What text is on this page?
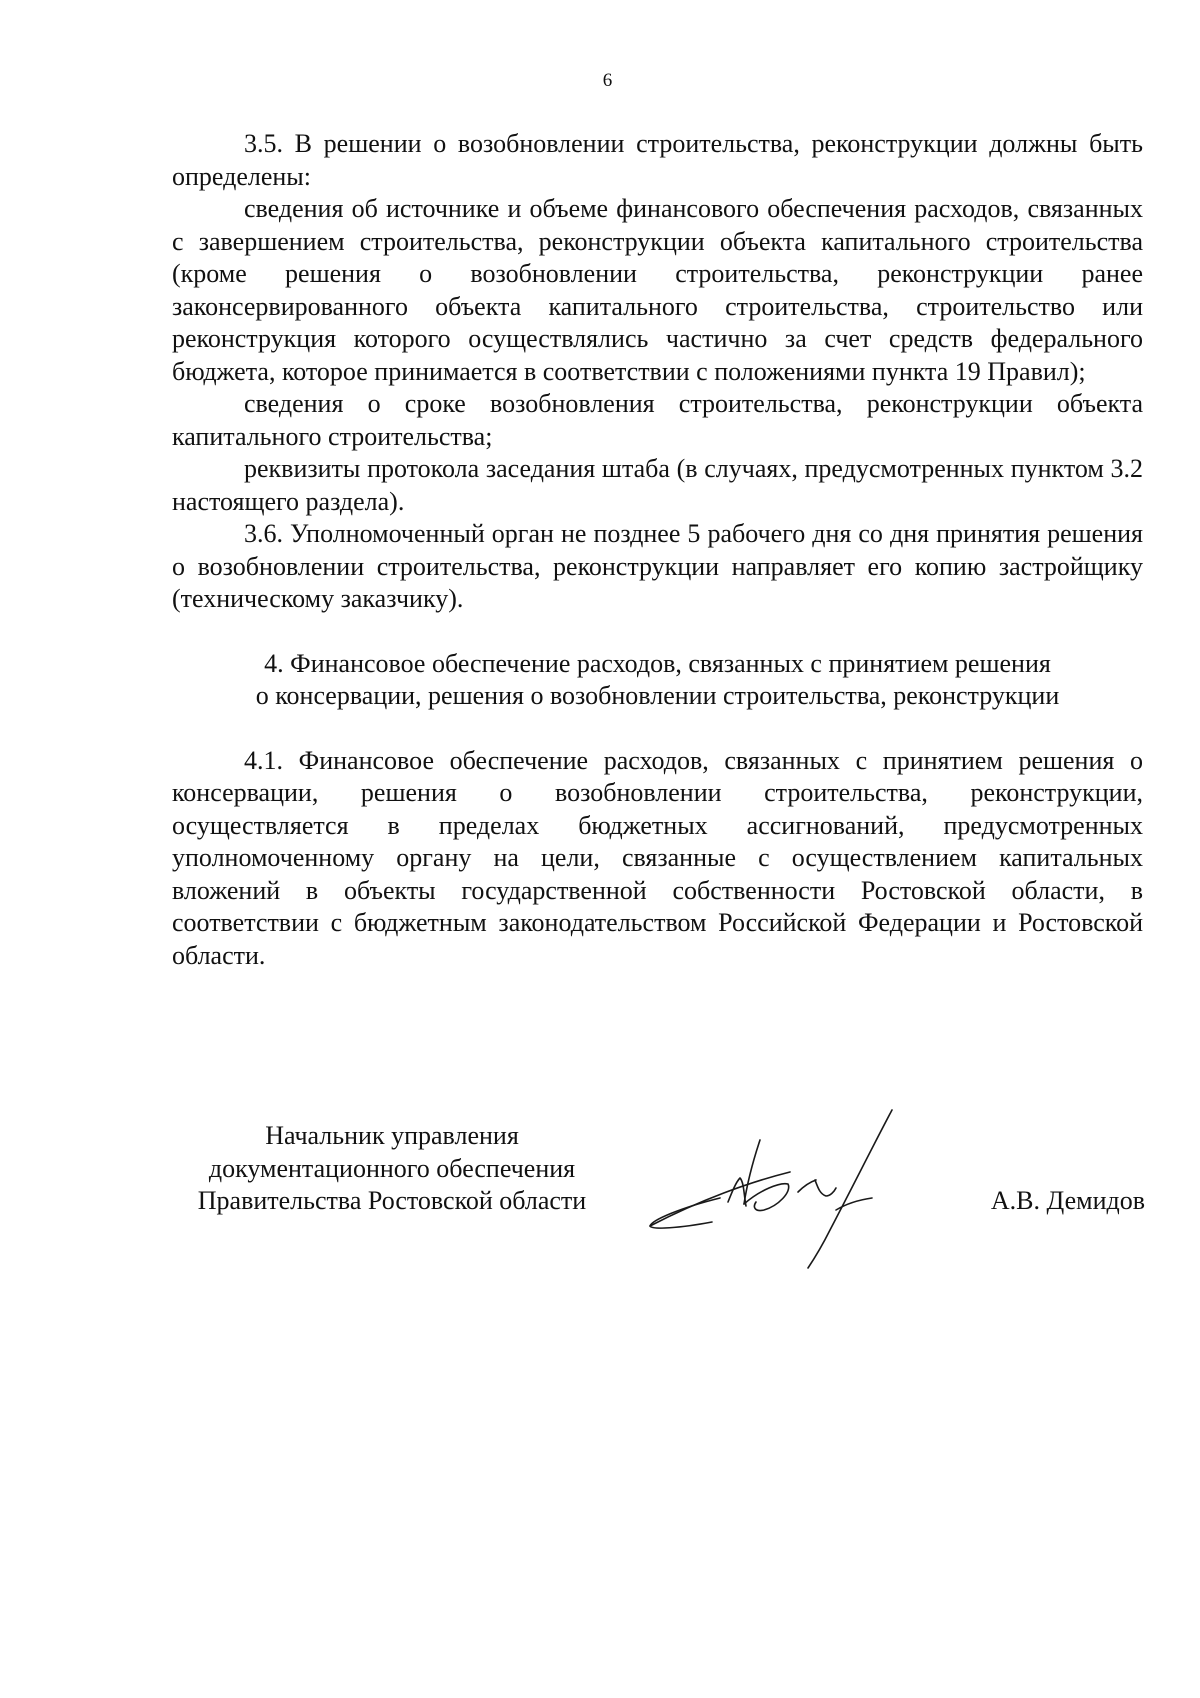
6

3.5. В решении о возобновлении строительства, реконструкции должны быть определены:

сведения об источнике и объеме финансового обеспечения расходов, связанных с завершением строительства, реконструкции объекта капитального строительства (кроме решения о возобновлении строительства, реконструкции ранее законсервированного объекта капитального строительства, строительство или реконструкция которого осуществлялись частично за счет средств федерального бюджета, которое принимается в соответствии с положениями пункта 19 Правил);

сведения о сроке возобновления строительства, реконструкции объекта капитального строительства;

реквизиты протокола заседания штаба (в случаях, предусмотренных пунктом 3.2 настоящего раздела).

3.6. Уполномоченный орган не позднее 5 рабочего дня со дня принятия решения о возобновлении строительства, реконструкции направляет его копию застройщику (техническому заказчику).

4. Финансовое обеспечение расходов, связанных с принятием решения
о консервации, решения о возобновлении строительства, реконструкции

4.1. Финансовое обеспечение расходов, связанных с принятием решения о консервации, решения о возобновлении строительства, реконструкции, осуществляется в пределах бюджетных ассигнований, предусмотренных уполномоченному органу на цели, связанные с осуществлением капитальных вложений в объекты государственной собственности Ростовской области, в соответствии с бюджетным законодательством Российской Федерации и Ростовской области.

Начальник управления
документационного обеспечения
Правительства Ростовской области	А.В. Демидов
